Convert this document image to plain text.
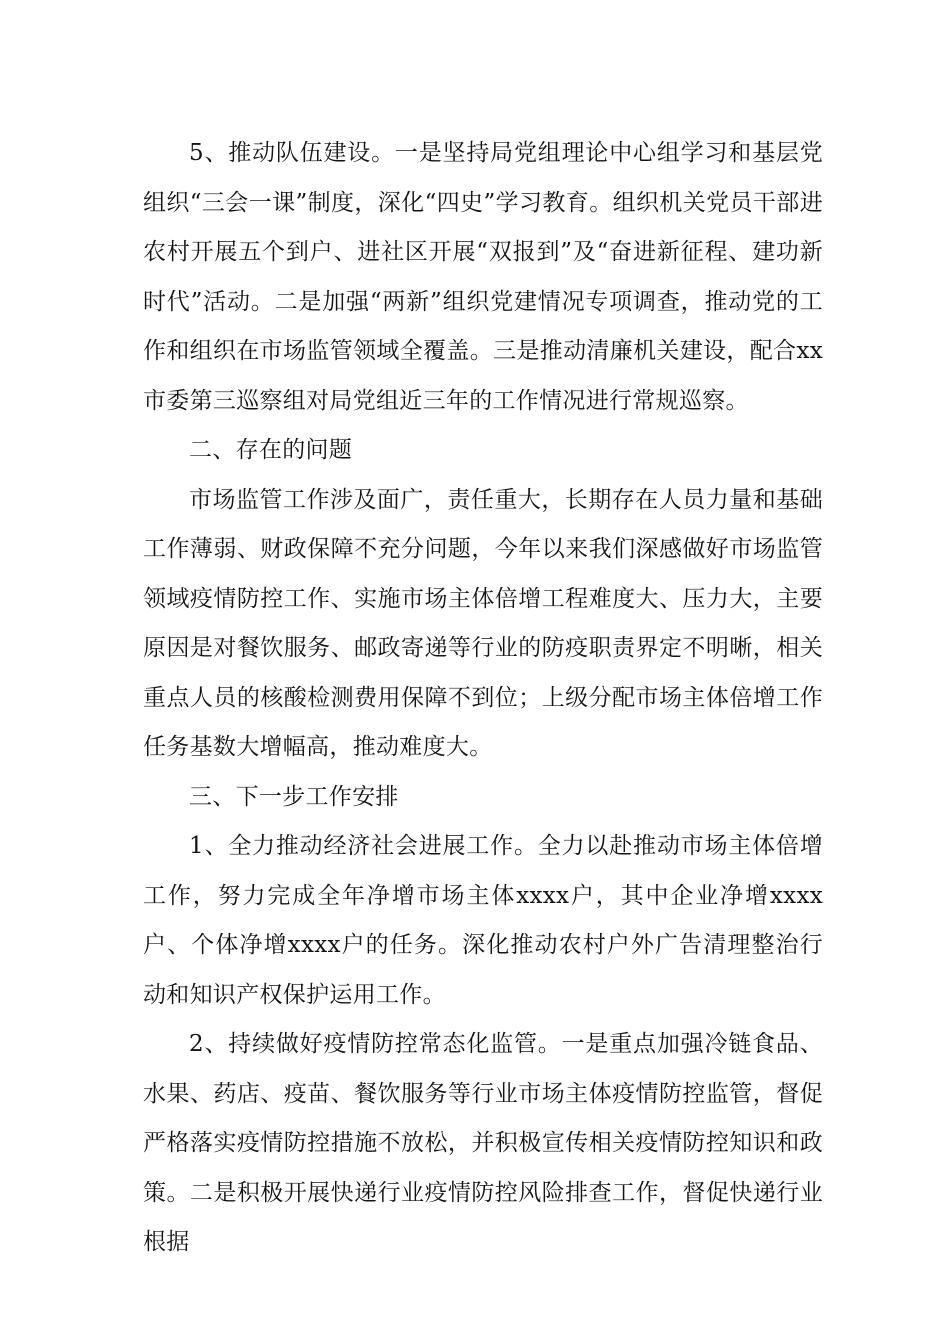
5、推动队伍建设。一是坚持局党组理论中心组学习和基层党组织“三会一课”制度，深化“四史”学习教育。组织机关党员干部进农村开展五个到户、进社区开展“双报到”及“奋进新征程、建功新时代”活动。二是加强“两新”组织党建情况专项调查，推动党的工作和组织在市场监管领域全覆盖。三是推动清廉机关建设，配合xx市委第三巡察组对局党组近三年的工作情况进行常规巡察。

二、存在的问题

市场监管工作涉及面广，责任重大，长期存在人员力量和基础工作薄弱、财政保障不充分问题，今年以来我们深感做好市场监管领域疫情防控工作、实施市场主体倍增工程难度大、压力大，主要原因是对餐饮服务、邮政寄递等行业的防疫职责界定不明晰，相关重点人员的核酸检测费用保障不到位；上级分配市场主体倍增工作任务基数大增幅高，推动难度大。

三、下一步工作安排

1、全力推动经济社会进展工作。全力以赴推动市场主体倍增工作，努力完成全年净增市场主体xxxx户，其中企业净增xxxx户、个体净增xxxx户的任务。深化推动农村户外广告清理整治行动和知识产权保护运用工作。

2、持续做好疫情防控常态化监管。一是重点加强冷链食品、水果、药店、疫苗、餐饮服务等行业市场主体疫情防控监管，督促严格落实疫情防控措施不放松，并积极宣传相关疫情防控知识和政策。二是积极开展快递行业疫情防控风险排查工作，督促快递行业根据
